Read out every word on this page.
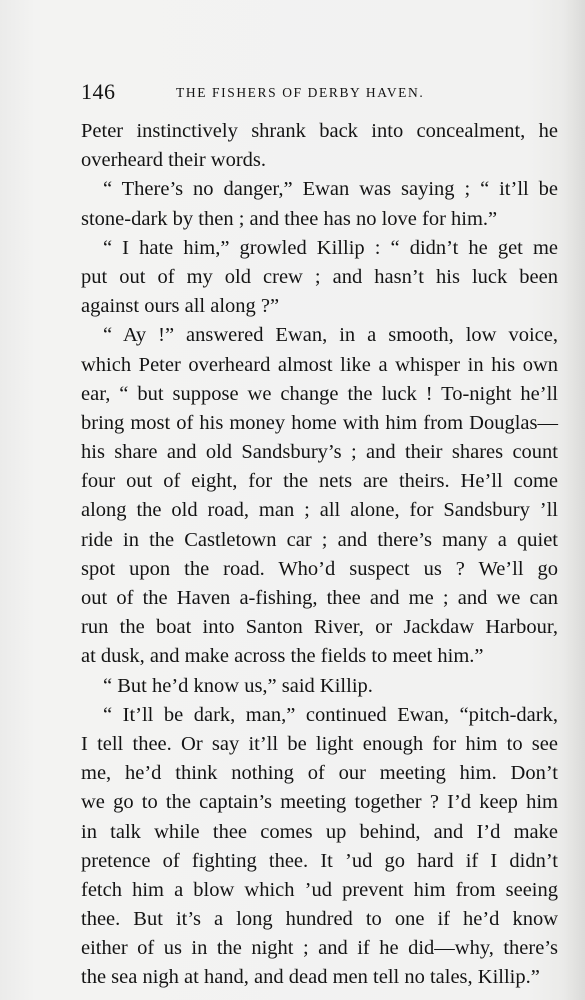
146	THE FISHERS OF DERBY HAVEN.
Peter instinctively shrank back into concealment, he
overheard their words.
“ There’s no danger,” Ewan was saying ; “ it’ll be
stone-dark by then ; and thee has no love for him.”
“ I hate him,” growled Killip : “ didn’t he get me
put out of my old crew ; and hasn’t his luck been
against ours all along ?”
“ Ay !” answered Ewan, in a smooth, low voice,
which Peter overheard almost like a whisper in his own
ear, “ but suppose we change the luck ! To-night he’ll
bring most of his money home with him from Douglas—
his share and old Sandsbury’s ; and their shares count
four out of eight, for the nets are theirs. He’ll come
along the old road, man ; all alone, for Sandsbury ’ll
ride in the Castletown car ; and there’s many a quiet
spot upon the road. Who’d suspect us ? We’ll go
out of the Haven a-fishing, thee and me ; and we can
run the boat into Santon River, or Jackdaw Harbour,
at dusk, and make across the fields to meet him.”
“ But he’d know us,” said Killip.
“ It’ll be dark, man,” continued Ewan, “pitch-dark,
I tell thee. Or say it’ll be light enough for him to see
me, he’d think nothing of our meeting him. Don’t
we go to the captain’s meeting together ? I’d keep him
in talk while thee comes up behind, and I’d make
pretence of fighting thee. It ’ud go hard if I didn’t
fetch him a blow which ’ud prevent him from seeing
thee. But it’s a long hundred to one if he’d know
either of us in the night ; and if he did—why, there’s
the sea nigh at hand, and dead men tell no tales, Killip.”
